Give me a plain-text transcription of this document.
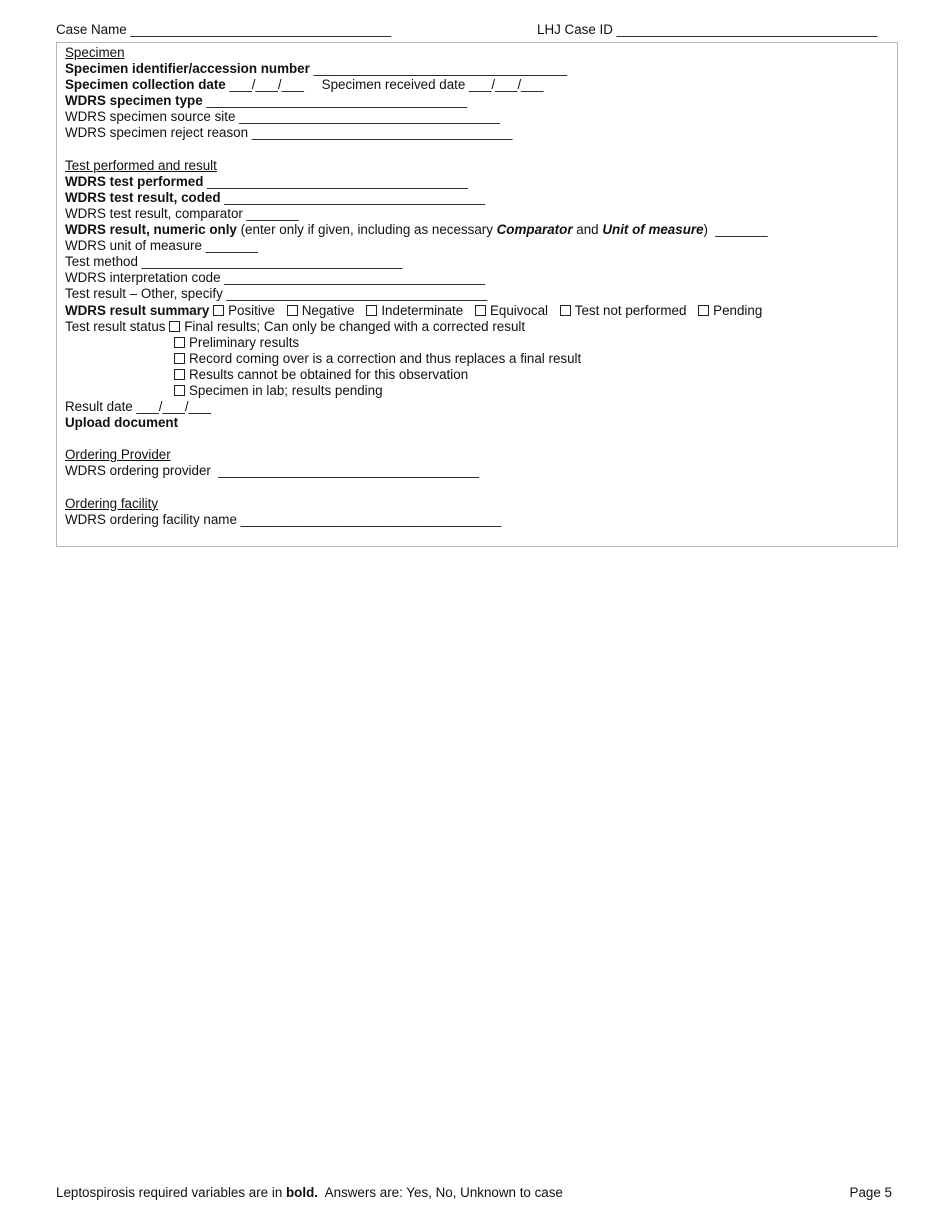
Case Name ___________________________________	LHJ Case ID ___________________________________
Specimen
Specimen identifier/accession number __________________________________
Specimen collection date ___/___/___ Specimen received date ___/___/___
WDRS specimen type ___________________________________
WDRS specimen source site ___________________________________
WDRS specimen reject reason ___________________________________
Test performed and result
WDRS test performed ___________________________________
WDRS test result, coded ___________________________________
WDRS test result, comparator _______
WDRS result, numeric only (enter only if given, including as necessary Comparator and Unit of measure)  _______
WDRS unit of measure _______
Test method ___________________________________
WDRS interpretation code ___________________________________
Test result – Other, specify ___________________________________
WDRS result summary Positive Negative Indeterminate Equivocal Test not performed Pending
Test result status Final results; Can only be changed with a corrected result
Preliminary results
Record coming over is a correction and thus replaces a final result
Results cannot be obtained for this observation
Specimen in lab; results pending
Result date ___/___/___
Upload document
Ordering Provider
WDRS ordering provider  ___________________________________
Ordering facility
WDRS ordering facility name ___________________________________
Leptospirosis required variables are in bold.  Answers are: Yes, No, Unknown to case	Page 5
